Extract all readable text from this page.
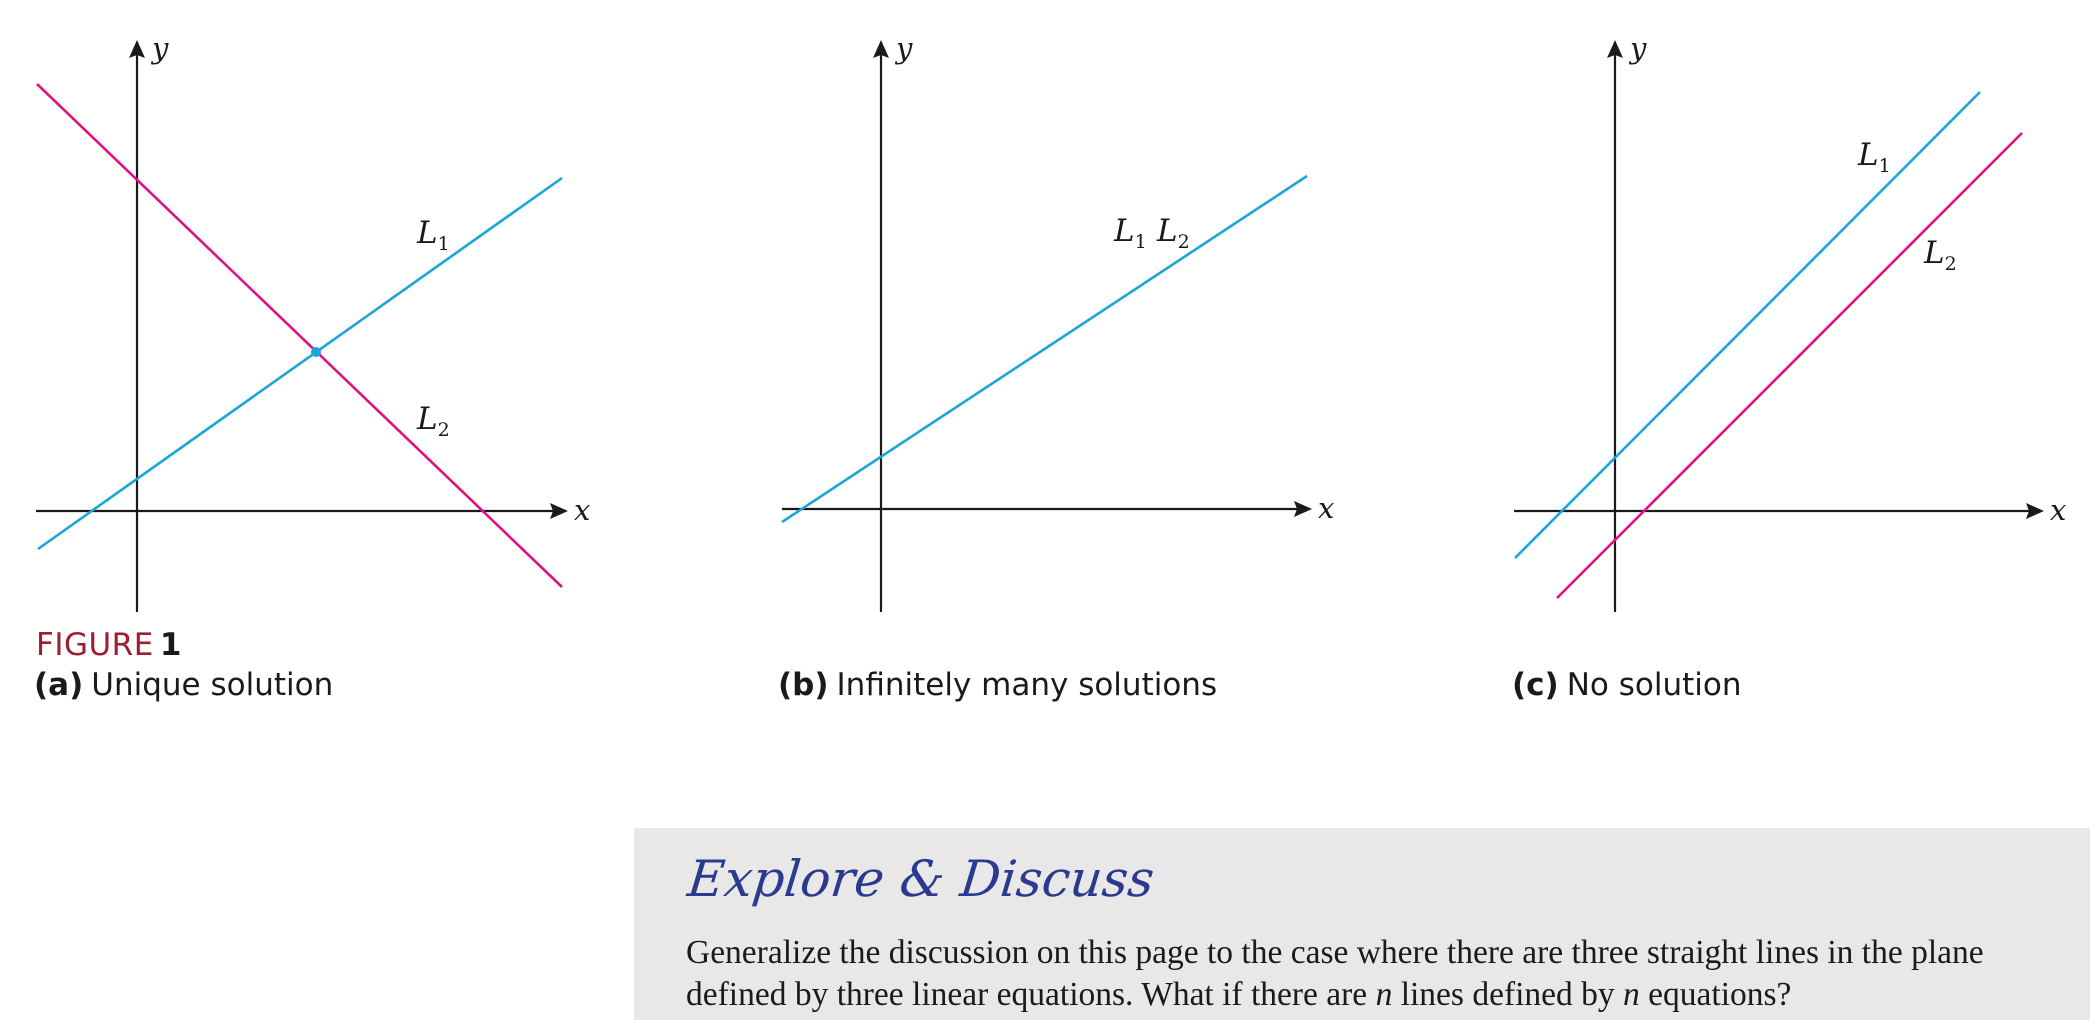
x
y
x
y
x
y
$L_1$
$L_2$
$L_1$ $L_2$
$L_1$
$L_2$
FIGURE 1
(a) Unique solution	(b) Infinitely many solutions	(c) No solution
Explore & Discuss
Generalize the discussion on this page to the case where there are three straight lines in the plane defined by three linear equations. What if there are n lines defined by n equations?
